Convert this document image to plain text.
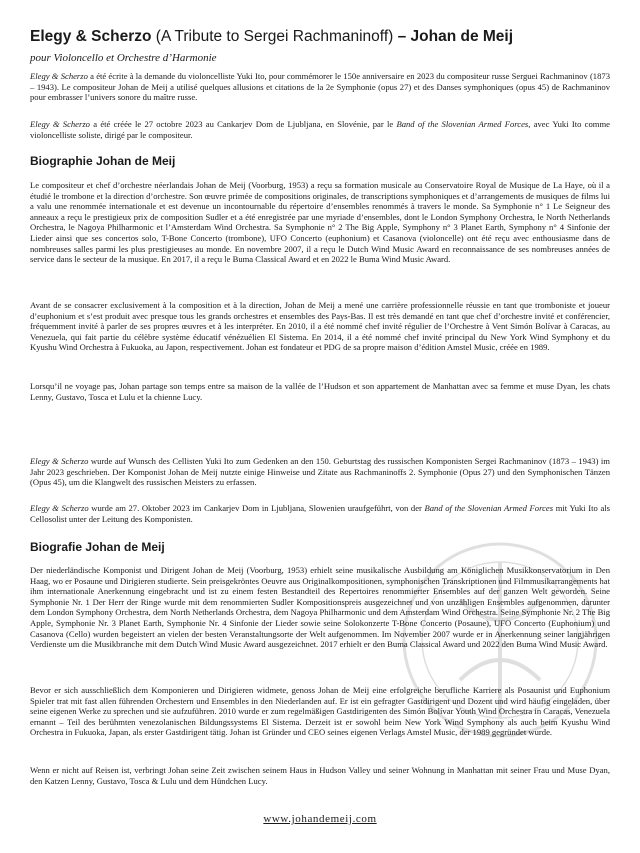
Elegy & Scherzo (A Tribute to Sergei Rachmaninoff) – Johan de Meij
pour Violoncello et Orchestre d’Harmonie

Elegy & Scherzo a été écrite à la demande du violoncelliste Yuki Ito, pour commémorer le 150e anniversaire en 2023 du compositeur russe Serguei Rachmaninov (1873 – 1943). Le compositeur Johan de Meij a utilisé quelques allusions et citations de la 2e Symphonie (opus 27) et des Danses symphoniques (opus 45) de Rachmaninov pour embrasser l’univers sonore du maître russe.

Elegy & Scherzo a été créée le 27 octobre 2023 au Cankarjev Dom de Ljubljana, en Slovénie, par le Band of the Slovenian Armed Forces, avec Yuki Ito comme violoncelliste soliste, dirigé par le compositeur.

Biographie Johan de Meij

Le compositeur et chef d’orchestre néerlandais Johan de Meij (Voorburg, 1953) a reçu sa formation musicale au Conservatoire Royal de Musique de La Haye, où il a étudié le trombone et la direction d’orchestre. Son œuvre primée de compositions originales, de transcriptions symphoniques et d’arrangements de musiques de films lui a valu une renommée internationale et est devenue un incontournable du répertoire d’ensembles renommés à travers le monde. Sa Symphonie n° 1 Le Seigneur des anneaux a reçu le prestigieux prix de composition Sudler et a été enregistrée par une myriade d’ensembles, dont le London Symphony Orchestra, le North Netherlands Orchestra, le Nagoya Philharmonic et l’Amsterdam Wind Orchestra. Sa Symphonie n° 2 The Big Apple, Symphony n° 3 Planet Earth, Symphony n° 4 Sinfonie der Lieder ainsi que ses concertos solo, T-Bone Concerto (trombone), UFO Concerto (euphonium) et Casanova (violoncelle) ont été reçu avec enthousiasme dans de nombreuses salles parmi les plus prestigieuses au monde. En novembre 2007, il a reçu le Dutch Wind Music Award en reconnaissance de ses nombreuses années de service dans le secteur de la musique. En 2017, il a reçu le Buma Classical Award et en 2022 le Buma Wind Music Award.

Avant de se consacrer exclusivement à la composition et à la direction, Johan de Meij a mené une carrière professionnelle réussie en tant que tromboniste et joueur d’euphonium et s’est produit avec presque tous les grands orchestres et ensembles des Pays-Bas. Il est très demandé en tant que chef d’orchestre invité et conférencier, fréquemment invité à parler de ses propres œuvres et à les interpréter. En 2010, il a été nommé chef invité régulier de l’Orchestre à Vent Simón Bolívar à Caracas, au Venezuela, qui fait partie du célèbre système éducatif vénézuélien El Sistema. En 2014, il a été nommé chef invité principal du New York Wind Symphony et du Kyushu Wind Orchestra à Fukuoka, au Japon, respectivement. Johan est fondateur et PDG de sa propre maison d’édition Amstel Music, créée en 1989.

Lorsqu’il ne voyage pas, Johan partage son temps entre sa maison de la vallée de l’Hudson et son appartement de Manhattan avec sa femme et muse Dyan, les chats Lenny, Gustavo, Tosca et Lulu et la chienne Lucy.

Elegy & Scherzo wurde auf Wunsch des Cellisten Yuki Ito zum Gedenken an den 150. Geburtstag des russischen Komponisten Sergei Rachmaninov (1873 – 1943) im Jahr 2023 geschrieben. Der Komponist Johan de Meij nutzte einige Hinweise und Zitate aus Rachmaninoffs 2. Symphonie (Opus 27) und den Symphonischen Tänzen (Opus 45), um die Klangwelt des russischen Meisters zu erfassen.

Elegy & Scherzo wurde am 27. Oktober 2023 im Cankarjev Dom in Ljubljana, Slowenien uraufgeführt, von der Band of the Slovenian Armed Forces mit Yuki Ito als Cellosolist unter der Leitung des Komponisten.

Biografie Johan de Meij

Der niederländische Komponist und Dirigent Johan de Meij (Voorburg, 1953) erhielt seine musikalische Ausbildung am Königlichen Musikkonservatorium in Den Haag, wo er Posaune und Dirigieren studierte. Sein preisgekröntes Oeuvre aus Originalkompositionen, symphonischen Transkriptionen und Filmmusikarrangements hat ihm internationale Anerkennung eingebracht und ist zu einem festen Bestandteil des Repertoires renommierter Ensembles auf der ganzen Welt geworden. Seine Symphonie Nr. 1 Der Herr der Ringe wurde mit dem renommierten Sudler Kompositionspreis ausgezeichnet und von unzähligen Ensembles aufgenommen, darunter dem London Symphony Orchestra, dem North Netherlands Orchestra, dem Nagoya Philharmonic und dem Amsterdam Wind Orchestra. Seine Symphonie Nr. 2 The Big Apple, Symphonie Nr. 3 Planet Earth, Symphonie Nr. 4 Sinfonie der Lieder sowie seine Solokonzerte T-Bone Concerto (Posaune), UFO Concerto (Euphonium) und Casanova (Cello) wurden begeistert an vielen der besten Veranstaltungsorte der Welt aufgenommen. Im November 2007 wurde er in Anerkennung seiner langjährigen Verdienste um die Musikbranche mit dem Dutch Wind Music Award ausgezeichnet. 2017 erhielt er den Buma Classical Award und 2022 den Buma Wind Music Award.

Bevor er sich ausschließlich dem Komponieren und Dirigieren widmete, genoss Johan de Meij eine erfolgreiche berufliche Karriere als Posaunist und Euphonium Spieler trat mit fast allen führenden Orchestern und Ensembles in den Niederlanden auf. Er ist ein gefragter Gastdirigent und Dozent und wird häufig eingeladen, über seine eigenen Werke zu sprechen und sie aufzuführen. 2010 wurde er zum regelmäßigen Gastdirigenten des Simón Bolívar Youth Wind Orchestra in Caracas, Venezuela ernannt – Teil des berühmten venezolanischen Bildungssystems El Sistema. Derzeit ist er sowohl beim New York Wind Symphony als auch beim Kyushu Wind Orchestra in Fukuoka, Japan, als erster Gastdirigent tätig. Johan ist Gründer und CEO seines eigenen Verlags Amstel Music, der 1989 gegründet wurde.

Wenn er nicht auf Reisen ist, verbringt Johan seine Zeit zwischen seinem Haus in Hudson Valley und seiner Wohnung in Manhattan mit seiner Frau und Muse Dyan, den Katzen Lenny, Gustavo, Tosca & Lulu und dem Hündchen Lucy.

www.johandemeij.com
